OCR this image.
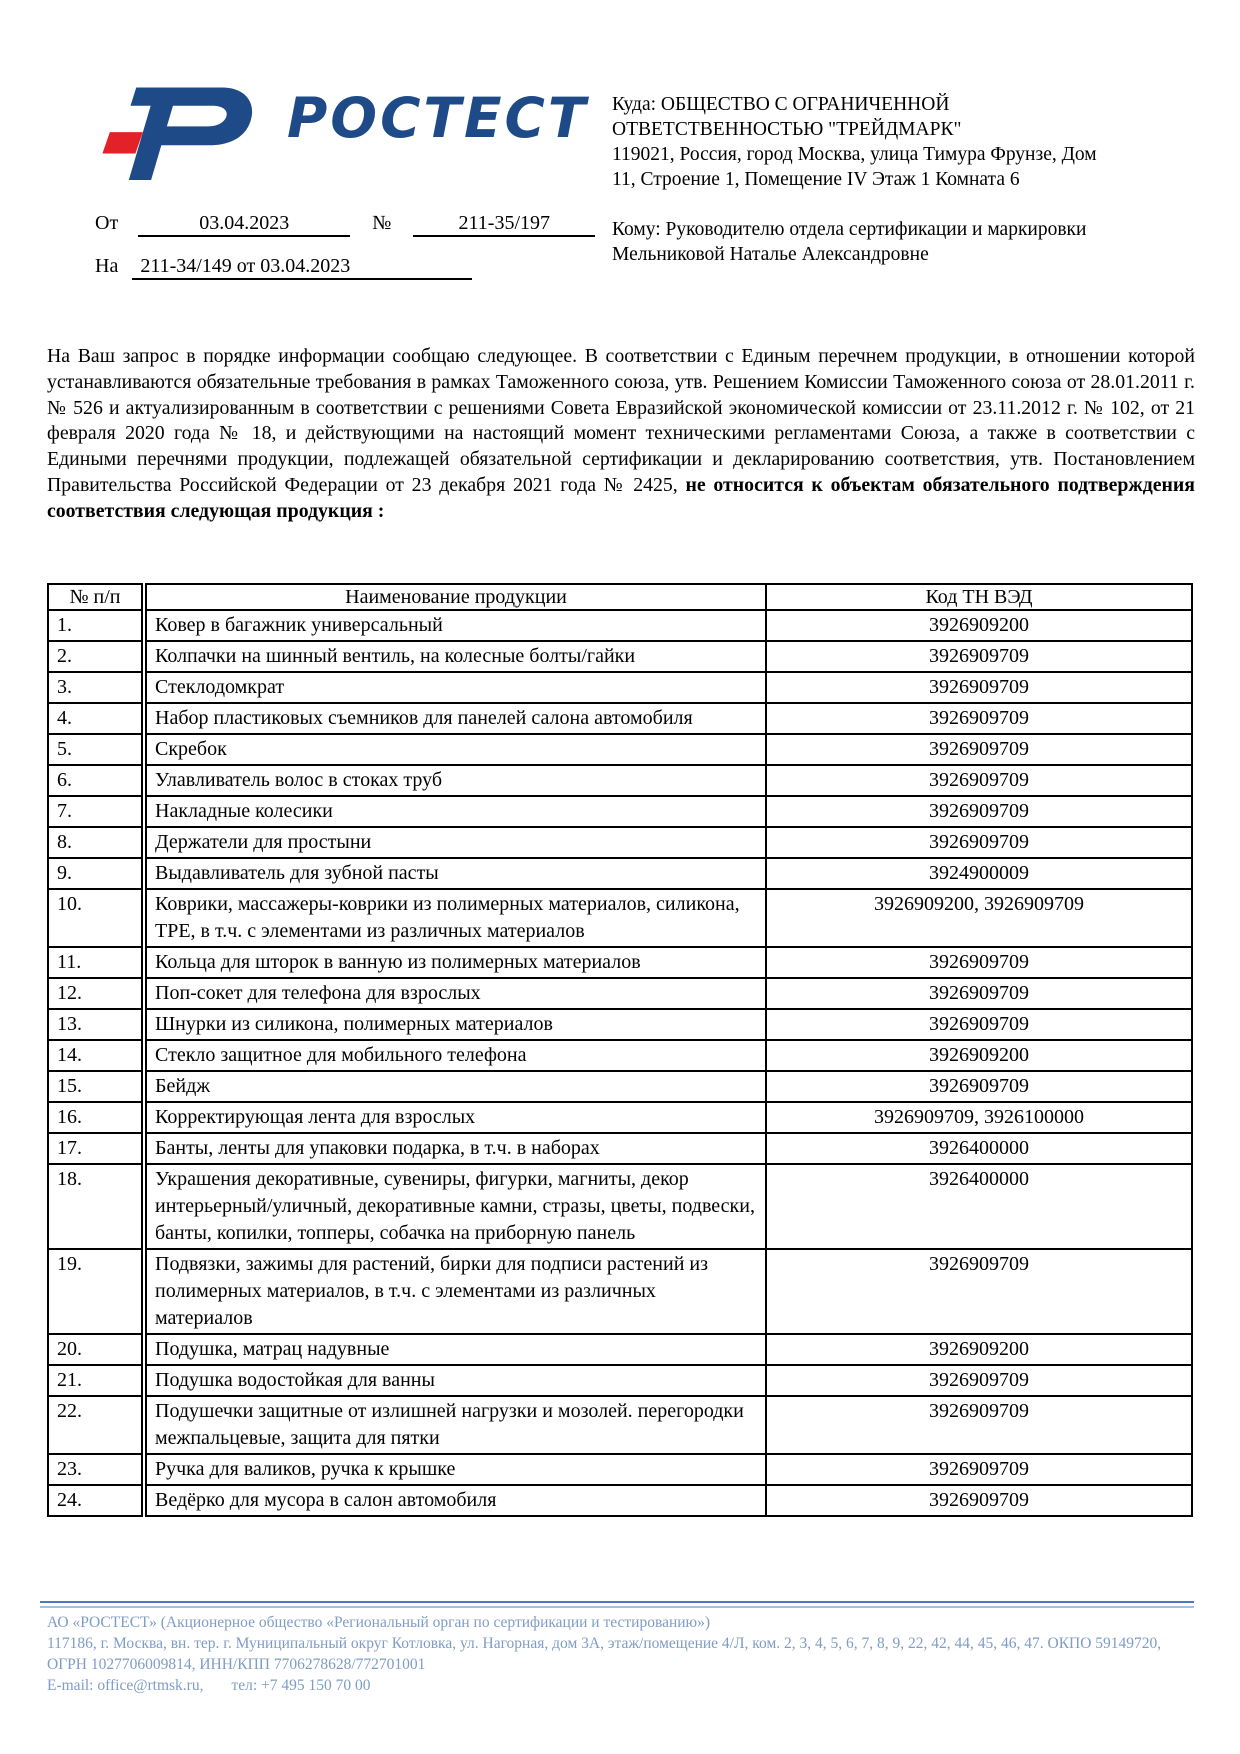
РОСТЕСТ Куда: ОБЩЕСТВО С ОГРАНИЧЕННОЙ ОТВЕТСТВЕННОСТЬЮ "ТРЕЙДМАРК"

119021, Россия, город Москва, улица Тимура Фрунзе, Дом 11, Строение 1, Помещение IV Этаж 1 Комната 6

Кому: Руководителю отдела сертификации и маркировки

Мельниковой Наталье Александровне

От	03.04.2023	№	211-35/197
На 211-34/149 от 03.04.2023

На Ваш запрос в порядке информации сообщаю следующее. В соответствии с Единым перечнем продукции, в отношении которой устанавливаются обязательные требования в рамках Таможенного союза, утв. Решением Комиссии Таможенного союза от 28.01.2011 г. № 526 и актуализированным в соответствии с решениями Совета Евразийской экономической комиссии от 23.11.2012 г. № 102, от 21 февраля 2020 года № 18, и действующими на настоящий момент техническими регламентами Союза, а также в соответствии с Едиными перечнями продукции, подлежащей обязательной сертификации и декларированию соответствия, утв. Постановлением Правительства Российской Федерации от 23 декабря 2021 года № 2425, не относится к объектам обязательного подтверждения соответствия следующая продукция :

№ п/п	Наименование продукции	Код ТН ВЭД
1.	Ковер в багажник универсальный	3926909200
2.	Колпачки на шинный вентиль, на колесные болты/гайки	3926909709
3.	Стеклодомкрат	3926909709
4.	Набор пластиковых съемников для панелей салона автомобиля	3926909709
5.	Скребок	3926909709
6.	Улавливатель волос в стоках труб	3926909709
7.	Накладные колесики	3926909709
8.	Держатели для простыни	3926909709
9.	Выдавливатель для зубной пасты	3924900009
10.	Коврики, массажеры-коврики из полимерных материалов, силикона, ТРЕ, в т.ч. с элементами из различных материалов	3926909200, 3926909709
11.	Кольца для шторок в ванную из полимерных материалов	3926909709
12.	Поп-сокет для телефона для взрослых	3926909709
13.	Шнурки из силикона, полимерных материалов	3926909709
14.	Стекло защитное для мобильного телефона	3926909200
15.	Бейдж	3926909709
16.	Корректирующая лента для взрослых	3926909709, 3926100000
17.	Банты, ленты для упаковки подарка, в т.ч. в наборах	3926400000
18.	Украшения декоративные, сувениры, фигурки, магниты, декор интерьерный/уличный, декоративные камни, стразы, цветы, подвески, банты, копилки, топперы, собачка на приборную панель	3926400000
19.	Подвязки, зажимы для растений, бирки для подписи растений из полимерных материалов, в т.ч. с элементами из различных материалов	3926909709
20.	Подушка, матрац надувные	3926909200
21.	Подушка водостойкая для ванны	3926909709
22.	Подушечки защитные от излишней нагрузки и мозолей. перегородки межпальцевые, защита для пятки	3926909709
23.	Ручка для валиков, ручка к крышке	3926909709
24.	Ведёрко для мусора в салон автомобиля	3926909709

АО «РОСТЕСТ» (Акционерное общество «Региональный орган по сертификации и тестированию»)

117186, г. Москва, вн. тер. г. Муниципальный округ Котловка, ул. Нагорная, дом 3А, этаж/помещение 4/Л, ком. 2, 3, 4, 5, 6, 7, 8, 9, 22, 42, 44, 45, 46, 47. ОКПО 59149720, ОГРН 1027706009814, ИНН/КПП 7706278628/772701001

E-mail: office@rtmsk.ru, тел: +7 495 150 70 00
